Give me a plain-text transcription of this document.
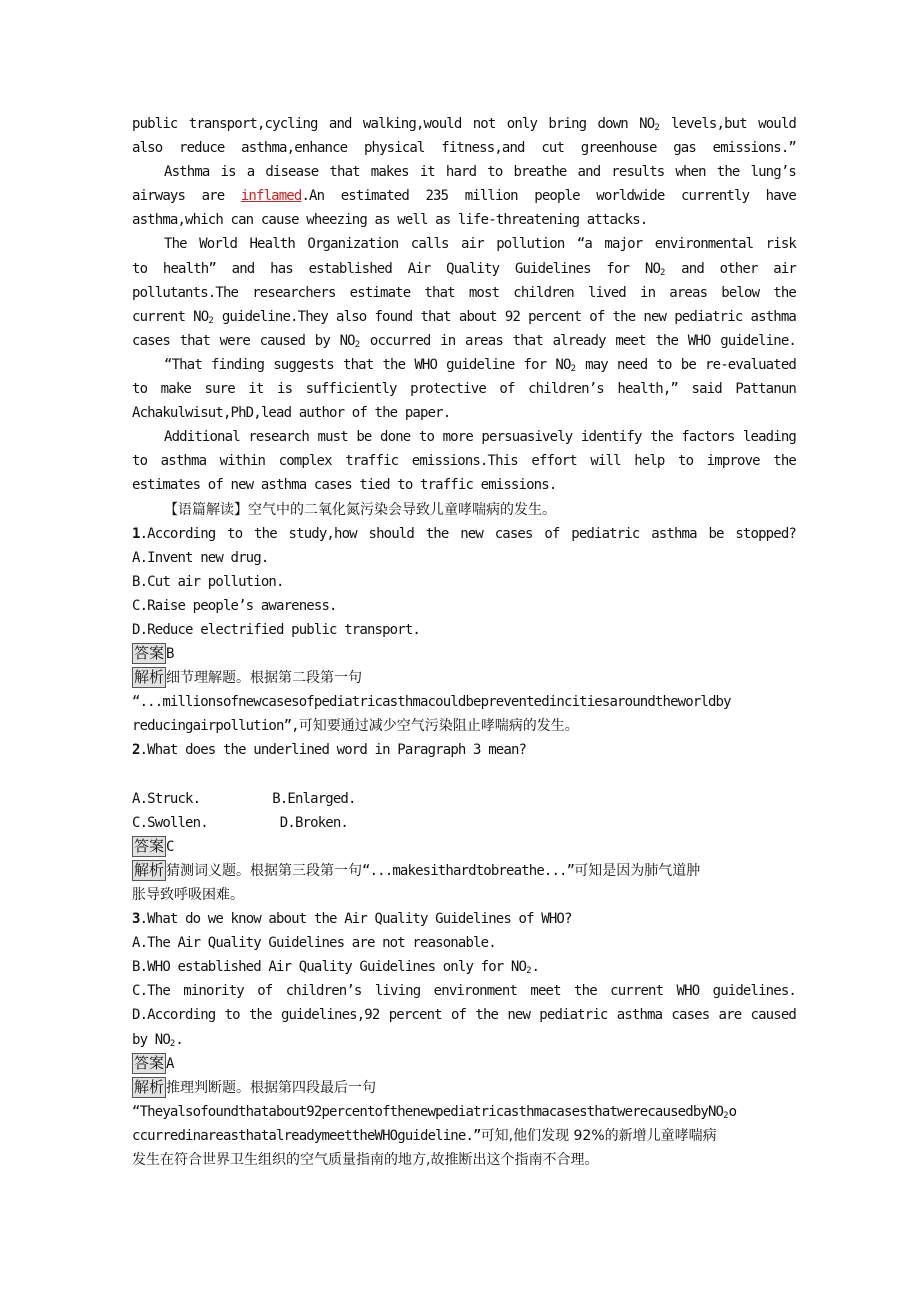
public transport,cycling and walking,would not only bring down $NO_2$ levels,but would
also reduce asthma,enhance physical fitness,and cut greenhouse gas emissions.”
Asthma is a disease that makes it hard to breathe and results when the lung’s
airways are inflamed.An estimated 235 million people worldwide currently have
asthma,which can cause wheezing as well as life-threatening attacks.
The World Health Organization calls air pollution “a major environmental risk
to health” and has established Air Quality Guidelines for $NO_2$ and other air
pollutants.The researchers estimate that most children lived in areas below the
current $NO_2$ guideline.They also found that about 92 percent of the new pediatric asthma
cases that were caused by $NO_2$ occurred in areas that already meet the WHO guideline.
“That finding suggests that the WHO guideline for $NO_2$ may need to be re-evaluated
to make sure it is sufficiently protective of children’s health,” said Pattanun
Achakulwisut,PhD,lead author of the paper.
Additional research must be done to more persuasively identify the factors leading
to asthma within complex traffic emissions.This effort will help to improve the
estimates of new asthma cases tied to traffic emissions.
【语篇解读】空气中的二氧化氮污染会导致儿童哮喘病的发生。
1.According to the study,how should the new cases of pediatric asthma be stopped?
A.Invent new drug.
B.Cut air pollution.
C.Raise people’s awareness.
D.Reduce electrified public transport.
答案 B
解析 细节理解题。根据第二段第一句
“...millionsofnewcasesofpediatricasthmacouldbepreventedincitiesaroundtheworldby
reducingairpollution”,可知要通过减少空气污染阻止哮喘病的发生。
2.What does the underlined word in Paragraph 3 mean?
A.Struck.	B.Enlarged.
C.Swollen.	D.Broken.
答案 C
解析 猜测词义题。根据第三段第一句“...makesithardtobreathe...”可知是因为肺气道肿
胀导致呼吸困难。
3.What do we know about the Air Quality Guidelines of WHO?
A.The Air Quality Guidelines are not reasonable.
B.WHO established Air Quality Guidelines only for $NO_2$.
C.The minority of children’s living environment meet the current WHO guidelines.
D.According to the guidelines,92 percent of the new pediatric asthma cases are caused
by $NO_2$.
答案 A
解析 推理判断题。根据第四段最后一句
“Theyalsofoundthatabout92percentofthenewpediatricasthmacasesthatwerecausedbyNO$_2$o
ccurredinareasthatalreadymeettheWHOguideline.”可知,他们发现 92%的新增儿童哮喘病
发生在符合世界卫生组织的空气质量指南的地方,故推断出这个指南不合理。
